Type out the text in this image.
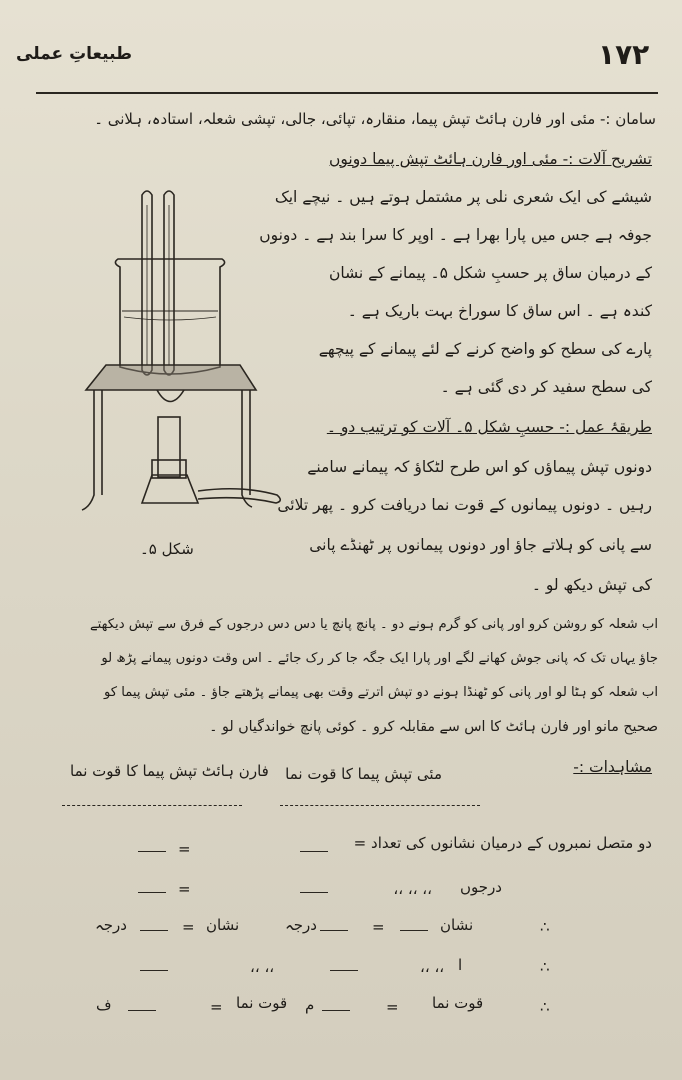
۱۷۲
طبیعاتِ عملی
سامان :- مئی اور فارن ہائٹ تپش پیما، منقارہ، تپائی، جالی، تپشی شعلہ، استادہ، ہلانی ۔
تشریح آلات :- مئی اور فارن ہائٹ تپش پیما دونوں
شیشے کی ایک شعری نلی پر مشتمل ہوتے ہیں ۔ نیچے ایک
جوفہ ہے جس میں پارا بھرا ہے ۔ اوپر کا سرا بند ہے ۔ دونوں
کے درمیان ساق پر حسبِ شکل ۵۔ پیمانے کے نشان
کندہ ہے ۔ اس ساق کا سوراخ بہت باریک ہے ۔
پارے کی سطح کو واضح کرنے کے لئے پیمانے کے پیچھے
کی سطح سفید کر دی گئی ہے ۔
طریقۂ عمل :- حسبِ شکل ۵۔ آلات کو ترتیب دو ۔
دونوں تپش پیماؤں کو اس طرح لٹکاؤ کہ پیمانے سامنے
رہیں ۔ دونوں پیمانوں کے قوت نما دریافت کرو ۔ پھر تلائی
سے پانی کو ہلاتے جاؤ اور دونوں پیمانوں پر ٹھنڈے پانی
کی تپش دیکھ لو ۔
اب شعلہ کو روشن کرو اور پانی کو گرم ہونے دو ۔ پانچ پانچ یا دس دس درجوں کے فرق سے تپش دیکھتے
جاؤ یہاں تک کہ پانی جوش کھانے لگے اور پارا ایک جگہ جا کر رک جائے ۔ اس وقت دونوں پیمانے پڑھ لو
اب شعلہ کو ہٹا لو اور پانی کو ٹھنڈا ہونے دو تپش اترتے وقت بھی پیمانے پڑھتے جاؤ ۔ مئی تپش پیما کو
صحیح مانو اور فارن ہائٹ کا اس سے مقابلہ کرو ۔ کوئی پانچ خواندگیاں لو ۔
شکل ۵۔
مشاہدات :-
مئی تپش پیما کا قوت نما
فارن ہائٹ تپش پیما کا قوت نما
دو متصل نمبروں کے درمیان نشانوں کی تعداد =
=
درجوں
،، ،، ،،
=
∴
نشان
=
درجہ
نشان
=
درجہ
∴
ا
،، ،،
،، ،،
∴
قوت نما
=
م
قوت نما
=
ف
